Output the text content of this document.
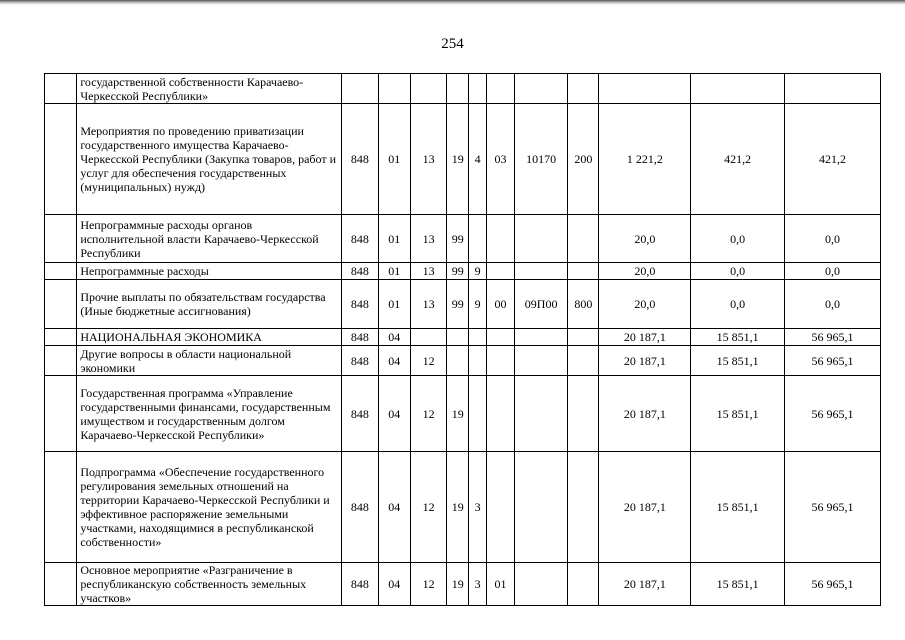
254
	государственной собственности Карачаево-Черкесской Республики»											
	Мероприятия по проведению приватизации государственного имущества Карачаево-Черкесской Республики (Закупка товаров, работ и услуг для обеспечения государственных (муниципальных) нужд)	848	01	13	19	4	03	10170	200	1 221,2	421,2	421,2
	Непрограммные расходы органов исполнительной власти Карачаево-Черкесской Республики	848	01	13	99					20,0	0,0	0,0
	Непрограммные расходы	848	01	13	99	9				20,0	0,0	0,0
	Прочие выплаты по обязательствам государства (Иные бюджетные ассигнования)	848	01	13	99	9	00	09П00	800	20,0	0,0	0,0
	НАЦИОНАЛЬНАЯ ЭКОНОМИКА	848	04							20 187,1	15 851,1	56 965,1
	Другие вопросы в области национальной экономики	848	04	12						20 187,1	15 851,1	56 965,1
	Государственная программа «Управление государственными финансами, государственным имуществом и государственным долгом Карачаево-Черкесской Республики»	848	04	12	19					20 187,1	15 851,1	56 965,1
	Подпрограмма «Обеспечение государственного регулирования земельных отношений на территории Карачаево-Черкесской Республики и эффективное распоряжение земельными участками, находящимися в республиканской собственности»	848	04	12	19	3				20 187,1	15 851,1	56 965,1
	Основное мероприятие «Разграничение в республиканскую собственность земельных участков»	848	04	12	19	3	01			20 187,1	15 851,1	56 965,1
